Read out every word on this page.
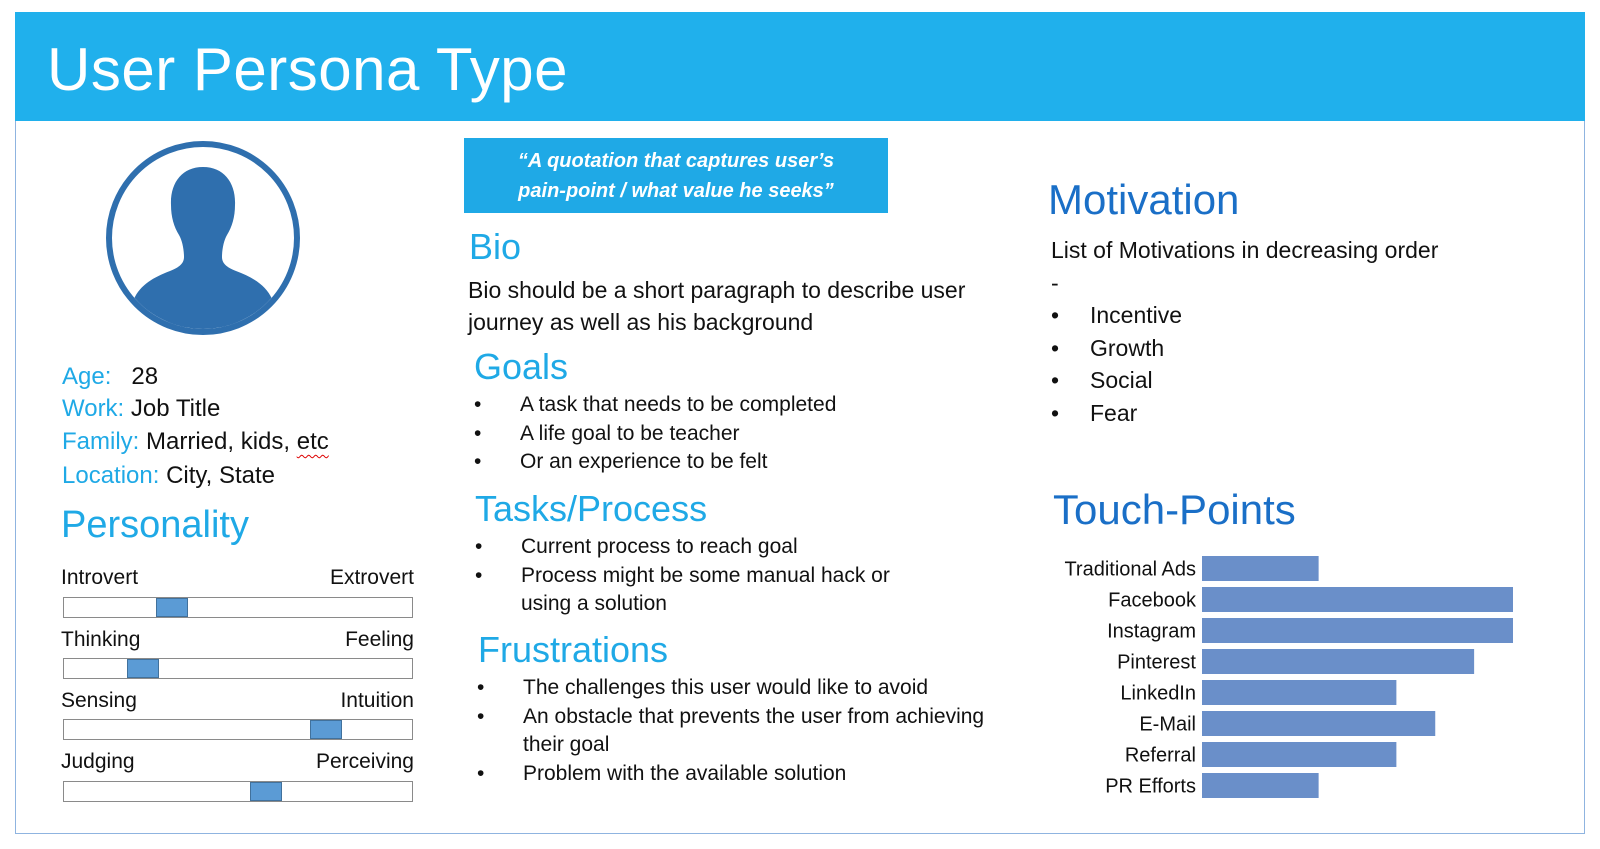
User Persona Type
Age: 28
Work: Job Title
Family: Married, kids, etc
Location: City, State
Personality
Introvert	Extrovert
Thinking	Feeling
Sensing	Intuition
Judging	Perceiving
“A quotation that captures user’s
pain-point / what value he seeks”
Bio
Bio should be a short paragraph to describe user journey as well as his background
Goals
• A task that needs to be completed
• A life goal to be teacher
• Or an experience to be felt
Tasks/Process
• Current process to reach goal
• Process might be some manual hack or using a solution
Frustrations
• The challenges this user would like to avoid
• An obstacle that prevents the user from achieving their goal
• Problem with the available solution
Motivation
List of Motivations in decreasing order -
• Incentive
• Growth
• Social
• Fear
Touch-Points
Traditional Ads
Facebook
Instagram
Pinterest
LinkedIn
E-Mail
Referral
PR Efforts
